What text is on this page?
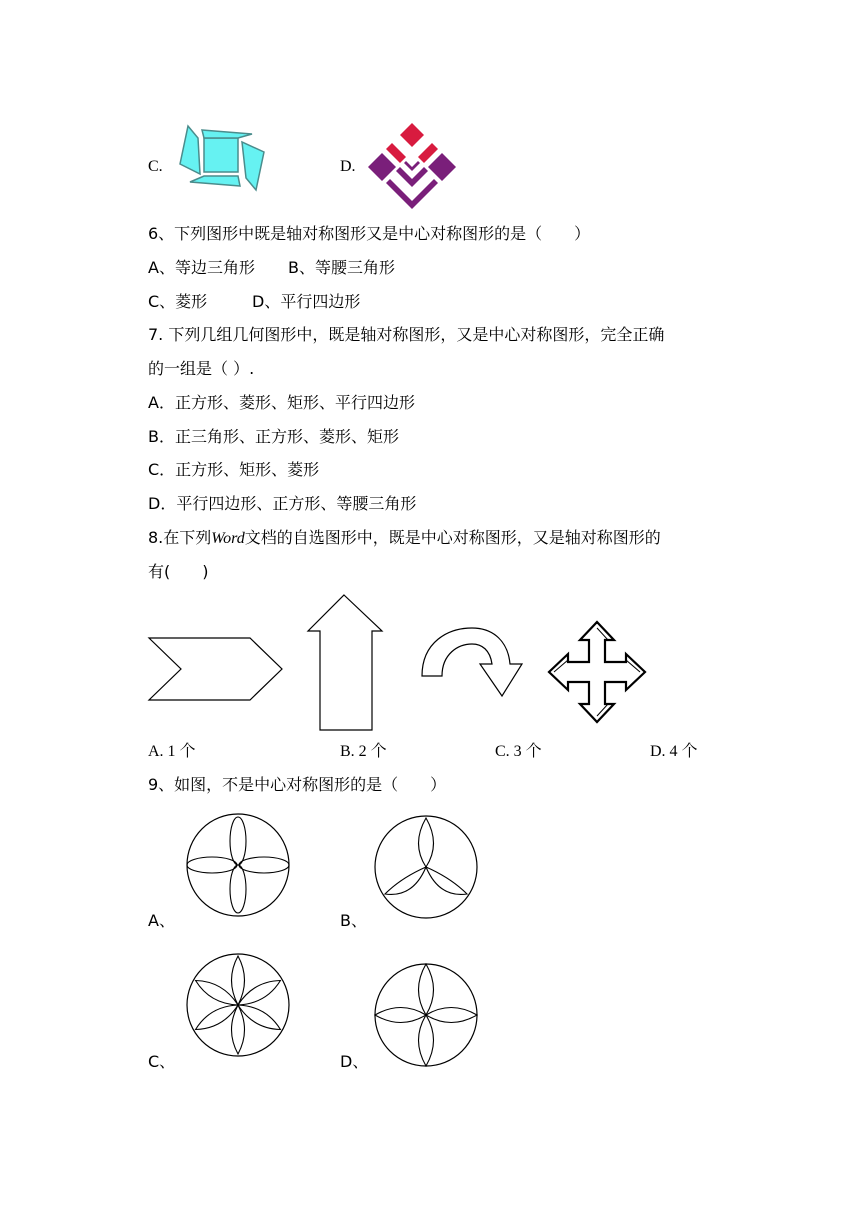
C.	D.
6、下列图形中既是轴对称图形又是中心对称图形的是（　　）
A、等边三角形 B、等腰三角形
C、菱形	D、平行四边形
7. 下列几组几何图形中，既是轴对称图形，又是中心对称图形，完全正确
的一组是（ ）.
A．正方形、菱形、矩形、平行四边形
B．正三角形、正方形、菱形、矩形
C．正方形、矩形、菱形
D．平行四边形、正方形、等腰三角形
8.在下列Word文档的自选图形中，既是中心对称图形，又是轴对称图形的
有(　　)
A. 1 个	B. 2 个	C. 3 个	D. 4 个
9、如图，不是中心对称图形的是（　　）
A、	B、
C、	D、
